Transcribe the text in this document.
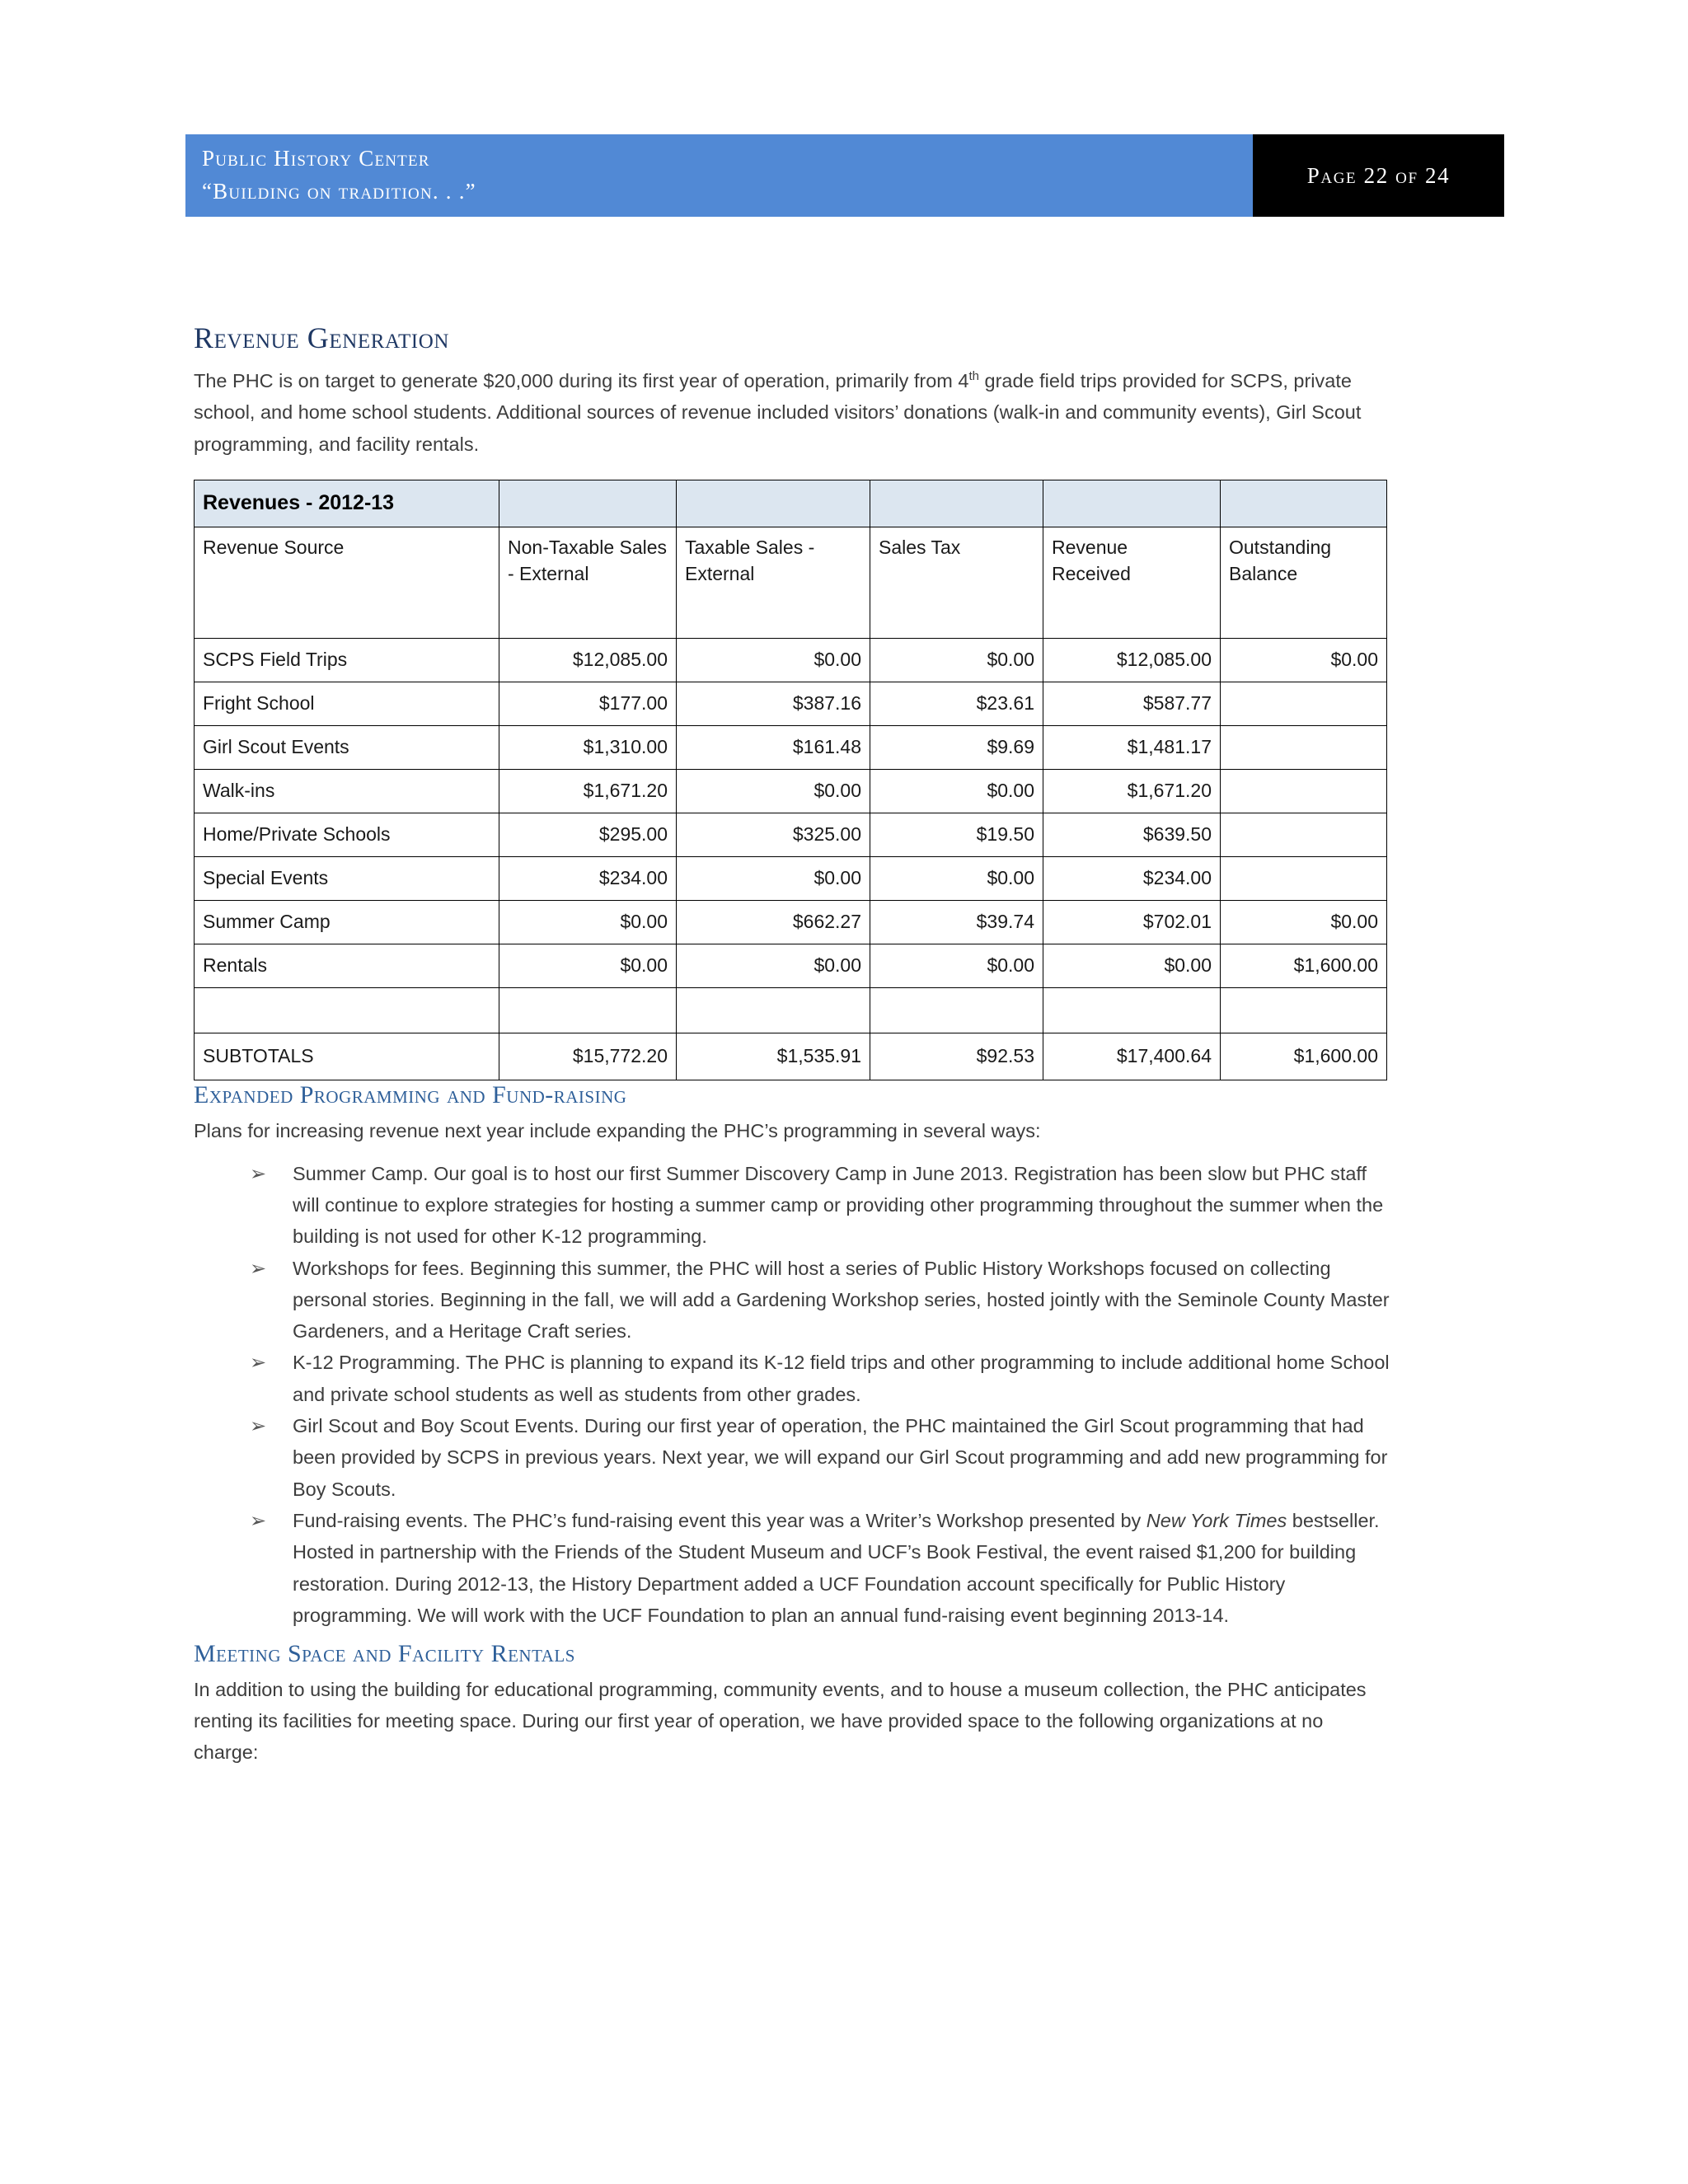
Public History Center
“Building on tradition. . .”
Page 22 of 24
Revenue Generation

The PHC is on target to generate $20,000 during its first year of operation, primarily from 4th grade field trips provided for SCPS, private school, and home school students. Additional sources of revenue included visitors’ donations (walk-in and community events), Girl Scout programming, and facility rentals.

Revenues - 2012-13					
Revenue Source	Non-Taxable Sales - External	Taxable Sales - External	Sales Tax	Revenue Received	Outstanding Balance
SCPS Field Trips	$12,085.00	$0.00	$0.00	$12,085.00	$0.00
Fright School	$177.00	$387.16	$23.61	$587.77	
Girl Scout Events	$1,310.00	$161.48	$9.69	$1,481.17	
Walk-ins	$1,671.20	$0.00	$0.00	$1,671.20	
Home/Private Schools	$295.00	$325.00	$19.50	$639.50	
Special Events	$234.00	$0.00	$0.00	$234.00	
Summer Camp	$0.00	$662.27	$39.74	$702.01	$0.00
Rentals	$0.00	$0.00	$0.00	$0.00	$1,600.00

SUBTOTALS	$15,772.20	$1,535.91	$92.53	$17,400.64	$1,600.00
Expanded Programming and Fund-raising

Plans for increasing revenue next year include expanding the PHC’s programming in several ways:

➢ Summer Camp. Our goal is to host our first Summer Discovery Camp in June 2013. Registration has been slow but PHC staff will continue to explore strategies for hosting a summer camp or providing other programming throughout the summer when the building is not used for other K-12 programming.
➢ Workshops for fees. Beginning this summer, the PHC will host a series of Public History Workshops focused on collecting personal stories. Beginning in the fall, we will add a Gardening Workshop series, hosted jointly with the Seminole County Master Gardeners, and a Heritage Craft series.
➢ K-12 Programming. The PHC is planning to expand its K-12 field trips and other programming to include additional home School and private school students as well as students from other grades.
➢ Girl Scout and Boy Scout Events. During our first year of operation, the PHC maintained the Girl Scout programming that had been provided by SCPS in previous years. Next year, we will expand our Girl Scout programming and add new programming for Boy Scouts.
➢ Fund-raising events. The PHC’s fund-raising event this year was a Writer’s Workshop presented by New York Times bestseller. Hosted in partnership with the Friends of the Student Museum and UCF’s Book Festival, the event raised $1,200 for building restoration. During 2012-13, the History Department added a UCF Foundation account specifically for Public History programming. We will work with the UCF Foundation to plan an annual fund-raising event beginning 2013-14.
Meeting Space and Facility Rentals

In addition to using the building for educational programming, community events, and to house a museum collection, the PHC anticipates renting its facilities for meeting space. During our first year of operation, we have provided space to the following organizations at no charge:
